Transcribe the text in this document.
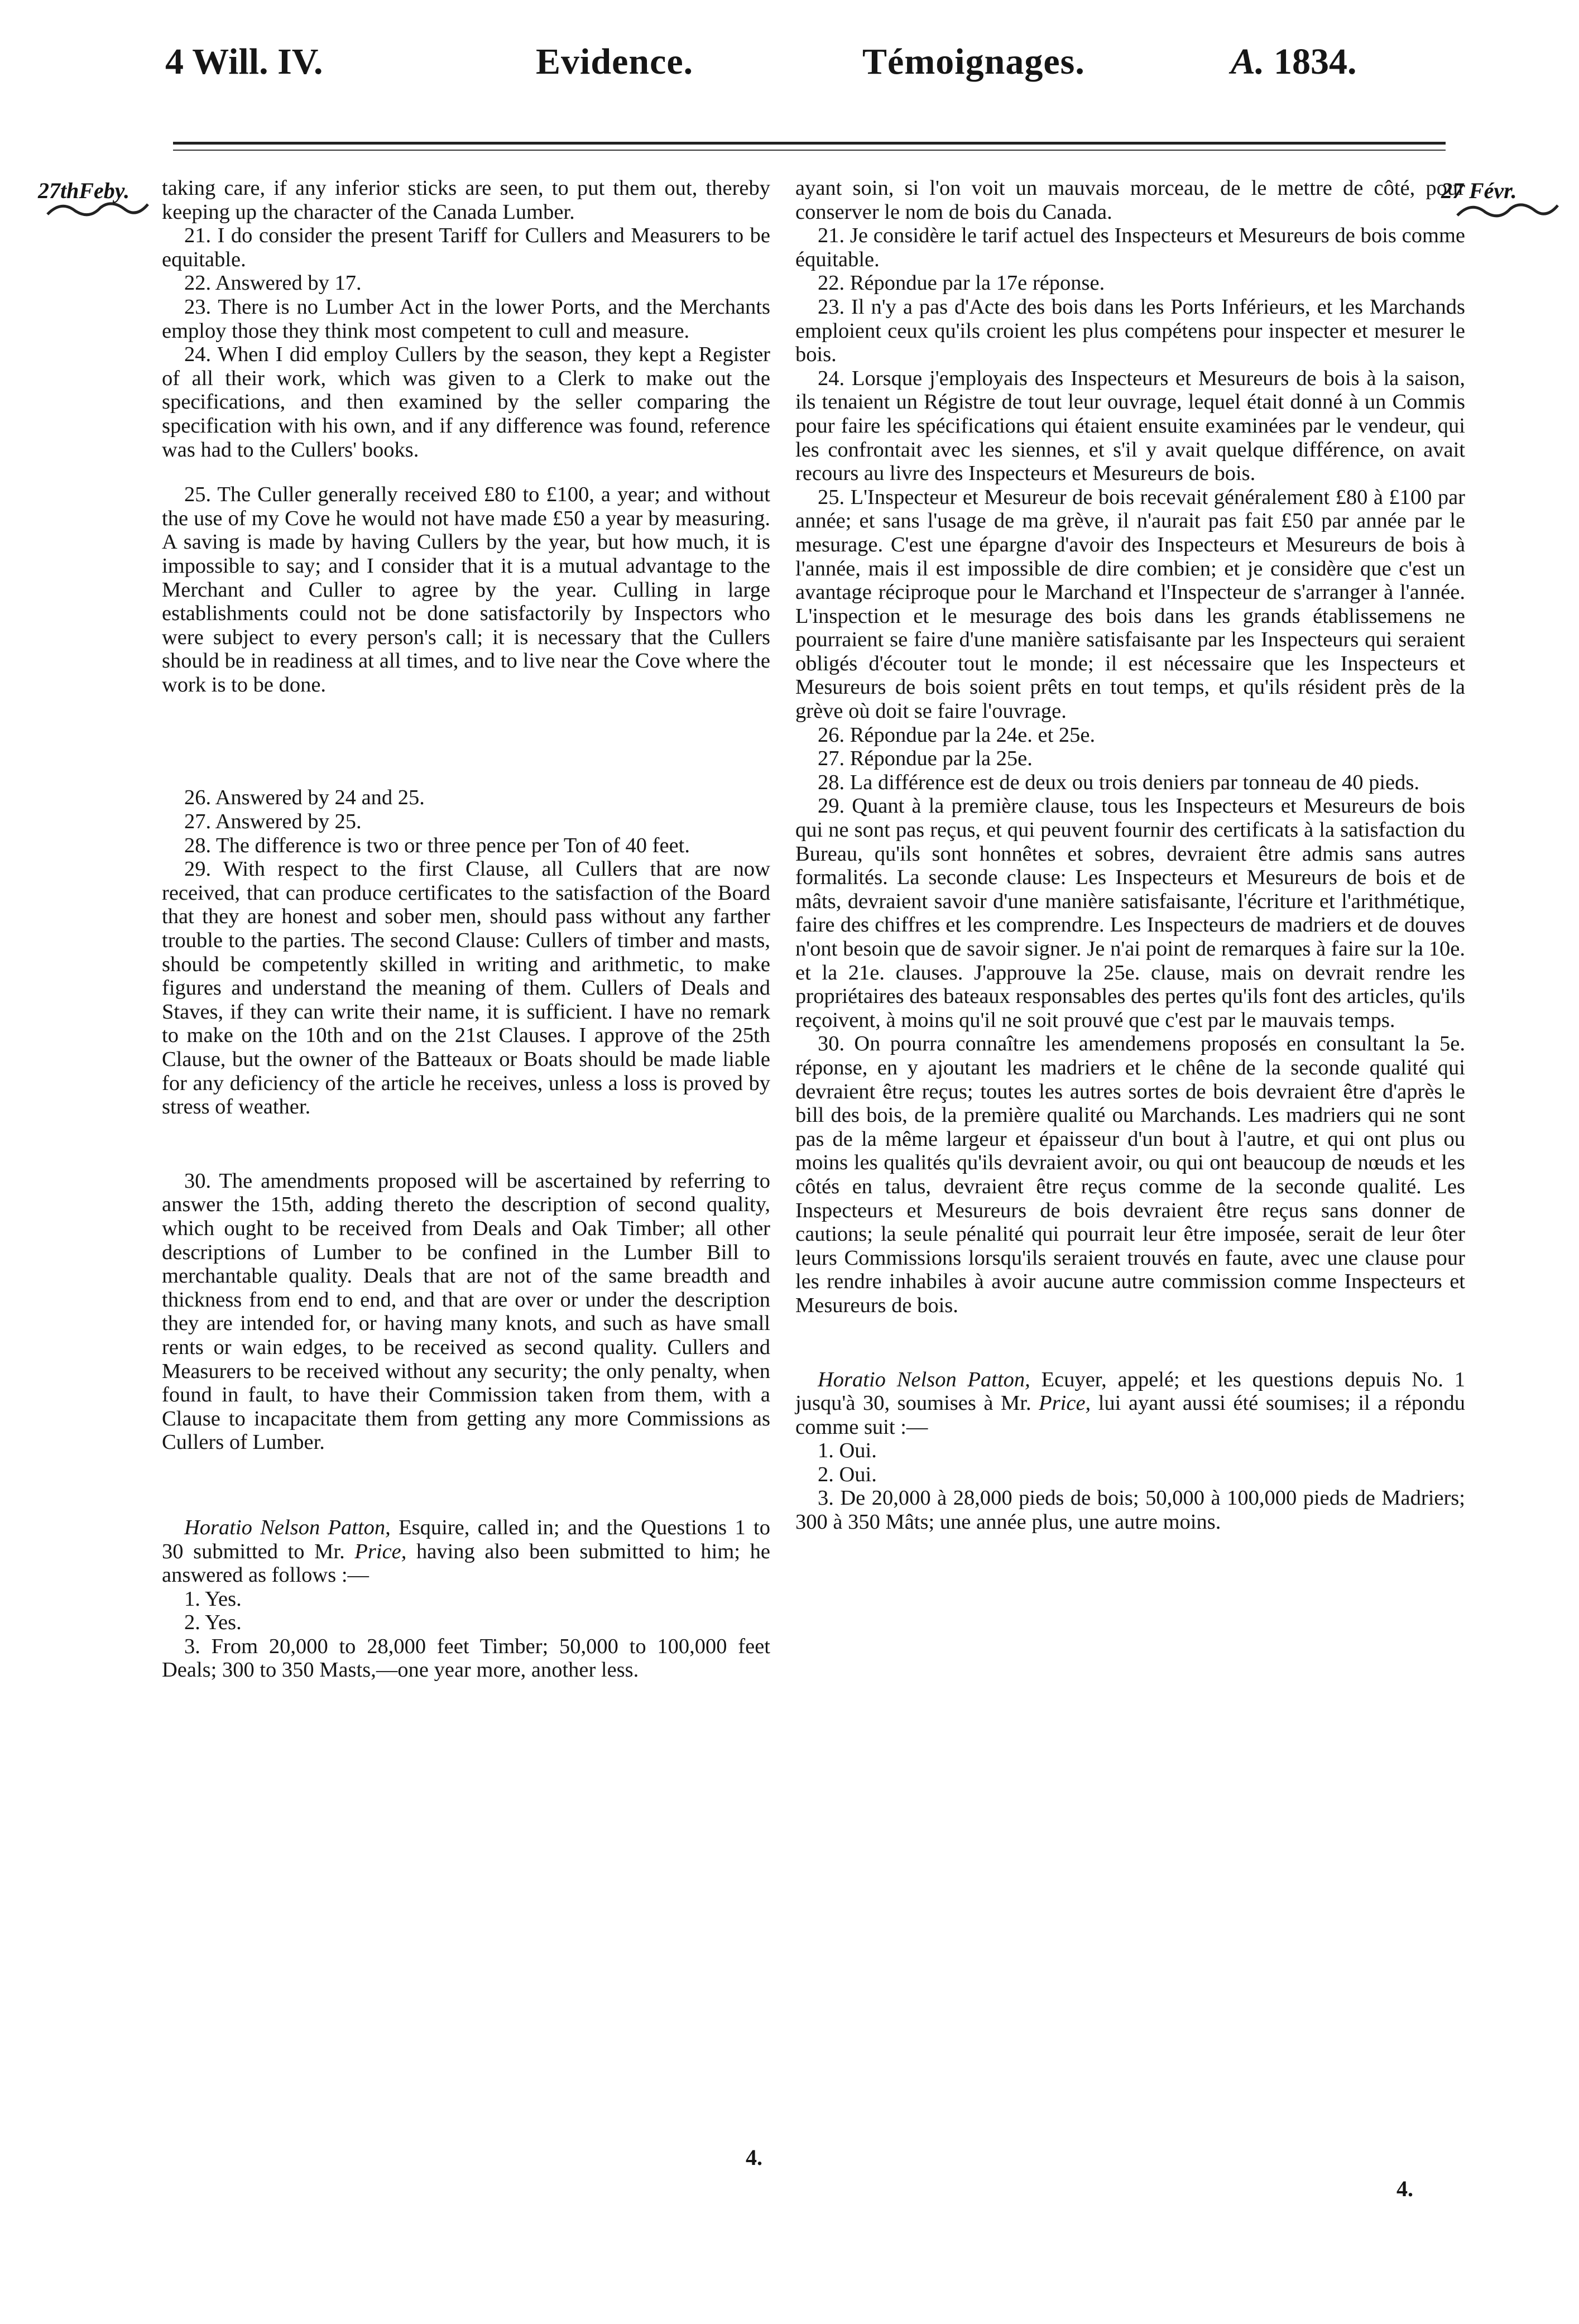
4 Will. IV.	Evidence.	Témoignages.	A. 1834.
27thFeby.	27 Févr.

taking care, if any inferior sticks are seen, to put them out, thereby keeping up the character of the Canada Lumber.

21. I do consider the present Tariff for Cullers and Measurers to be equitable.

22. Answered by 17.

23. There is no Lumber Act in the lower Ports, and the Merchants employ those they think most competent to cull and measure.

24. When I did employ Cullers by the season, they kept a Register of all their work, which was given to a Clerk to make out the specifications, and then examined by the seller comparing the specification with his own, and if any difference was found, reference was had to the Cullers' books.

25. The Culler generally received £80 to £100, a year; and without the use of my Cove he would not have made £50 a year by measuring. A saving is made by having Cullers by the year, but how much, it is impossible to say; and I consider that it is a mutual advantage to the Merchant and Culler to agree by the year. Culling in large establishments could not be done satisfactorily by Inspectors who were subject to every person's call; it is necessary that the Cullers should be in readiness at all times, and to live near the Cove where the work is to be done.

26. Answered by 24 and 25.

27. Answered by 25.

28. The difference is two or three pence per Ton of 40 feet.

29. With respect to the first Clause, all Cullers that are now received, that can produce certificates to the satisfaction of the Board that they are honest and sober men, should pass without any farther trouble to the parties. The second Clause: Cullers of timber and masts, should be competently skilled in writing and arithmetic, to make figures and understand the meaning of them. Cullers of Deals and Staves, if they can write their name, it is sufficient. I have no remark to make on the 10th and on the 21st Clauses. I approve of the 25th Clause, but the owner of the Batteaux or Boats should be made liable for any deficiency of the article he receives, unless a loss is proved by stress of weather.

30. The amendments proposed will be ascertained by referring to answer the 15th, adding thereto the description of second quality, which ought to be received from Deals and Oak Timber; all other descriptions of Lumber to be confined in the Lumber Bill to merchantable quality. Deals that are not of the same breadth and thickness from end to end, and that are over or under the description they are intended for, or having many knots, and such as have small rents or wain edges, to be received as second quality. Cullers and Measurers to be received without any security; the only penalty, when found in fault, to have their Commission taken from them, with a Clause to incapacitate them from getting any more Commissions as Cullers of Lumber.

Horatio Nelson Patton, Esquire, called in; and the Questions 1 to 30 submitted to Mr. Price, having also been submitted to him; he answered as follows :—

1. Yes.

2. Yes.

3. From 20,000 to 28,000 feet Timber; 50,000 to 100,000 feet Deals; 300 to 350 Masts,—one year more, another less.

ayant soin, si l'on voit un mauvais morceau, de le mettre de côté, pour conserver le nom de bois du Canada.

21. Je considère le tarif actuel des Inspecteurs et Mesureurs de bois comme équitable.

22. Répondue par la 17e réponse.

23. Il n'y a pas d'Acte des bois dans les Ports Inférieurs, et les Marchands emploient ceux qu'ils croient les plus compétens pour inspecter et mesurer le bois.

24. Lorsque j'employais des Inspecteurs et Mesureurs de bois à la saison, ils tenaient un Régistre de tout leur ouvrage, lequel était donné à un Commis pour faire les spécifications qui étaient ensuite examinées par le vendeur, qui les confrontait avec les siennes, et s'il y avait quelque différence, on avait recours au livre des Inspecteurs et Mesureurs de bois.

25. L'Inspecteur et Mesureur de bois recevait généralement £80 à £100 par année; et sans l'usage de ma grève, il n'aurait pas fait £50 par année par le mesurage. C'est une épargne d'avoir des Inspecteurs et Mesureurs de bois à l'année, mais il est impossible de dire combien; et je considère que c'est un avantage réciproque pour le Marchand et l'Inspecteur de s'arranger à l'année. L'inspection et le mesurage des bois dans les grands établissemens ne pourraient se faire d'une manière satisfaisante par les Inspecteurs qui seraient obligés d'écouter tout le monde; il est nécessaire que les Inspecteurs et Mesureurs de bois soient prêts en tout temps, et qu'ils résident près de la grève où doit se faire l'ouvrage.

26. Répondue par la 24e. et 25e.

27. Répondue par la 25e.

28. La différence est de deux ou trois deniers par tonneau de 40 pieds.

29. Quant à la première clause, tous les Inspecteurs et Mesureurs de bois qui ne sont pas reçus, et qui peuvent fournir des certificats à la satisfaction du Bureau, qu'ils sont honnêtes et sobres, devraient être admis sans autres formalités. La seconde clause: Les Inspecteurs et Mesureurs de bois et de mâts, devraient savoir d'une manière satisfaisante, l'écriture et l'arithmétique, faire des chiffres et les comprendre. Les Inspecteurs de madriers et de douves n'ont besoin que de savoir signer. Je n'ai point de remarques à faire sur la 10e. et la 21e. clauses. J'approuve la 25e. clause, mais on devrait rendre les propriétaires des bateaux responsables des pertes qu'ils font des articles, qu'ils reçoivent, à moins qu'il ne soit prouvé que c'est par le mauvais temps.

30. On pourra connaître les amendemens proposés en consultant la 5e. réponse, en y ajoutant les madriers et le chêne de la seconde qualité qui devraient être reçus; toutes les autres sortes de bois devraient être d'après le bill des bois, de la première qualité ou Marchands. Les madriers qui ne sont pas de la même largeur et épaisseur d'un bout à l'autre, et qui ont plus ou moins les qualités qu'ils devraient avoir, ou qui ont beaucoup de nœuds et les côtés en talus, devraient être reçus comme de la seconde qualité. Les Inspecteurs et Mesureurs de bois devraient être reçus sans donner de cautions; la seule pénalité qui pourrait leur être imposée, serait de leur ôter leurs Commissions lorsqu'ils seraient trouvés en faute, avec une clause pour les rendre inhabiles à avoir aucune autre commission comme Inspecteurs et Mesureurs de bois.

Horatio Nelson Patton, Ecuyer, appelé; et les questions depuis No. 1 jusqu'à 30, soumises à Mr. Price, lui ayant aussi été soumises; il a répondu comme suit :—

1. Oui.

2. Oui.

3. De 20,000 à 28,000 pieds de bois; 50,000 à 100,000 pieds de Madriers; 300 à 350 Mâts; une année plus, une autre moins.

4.
4.
